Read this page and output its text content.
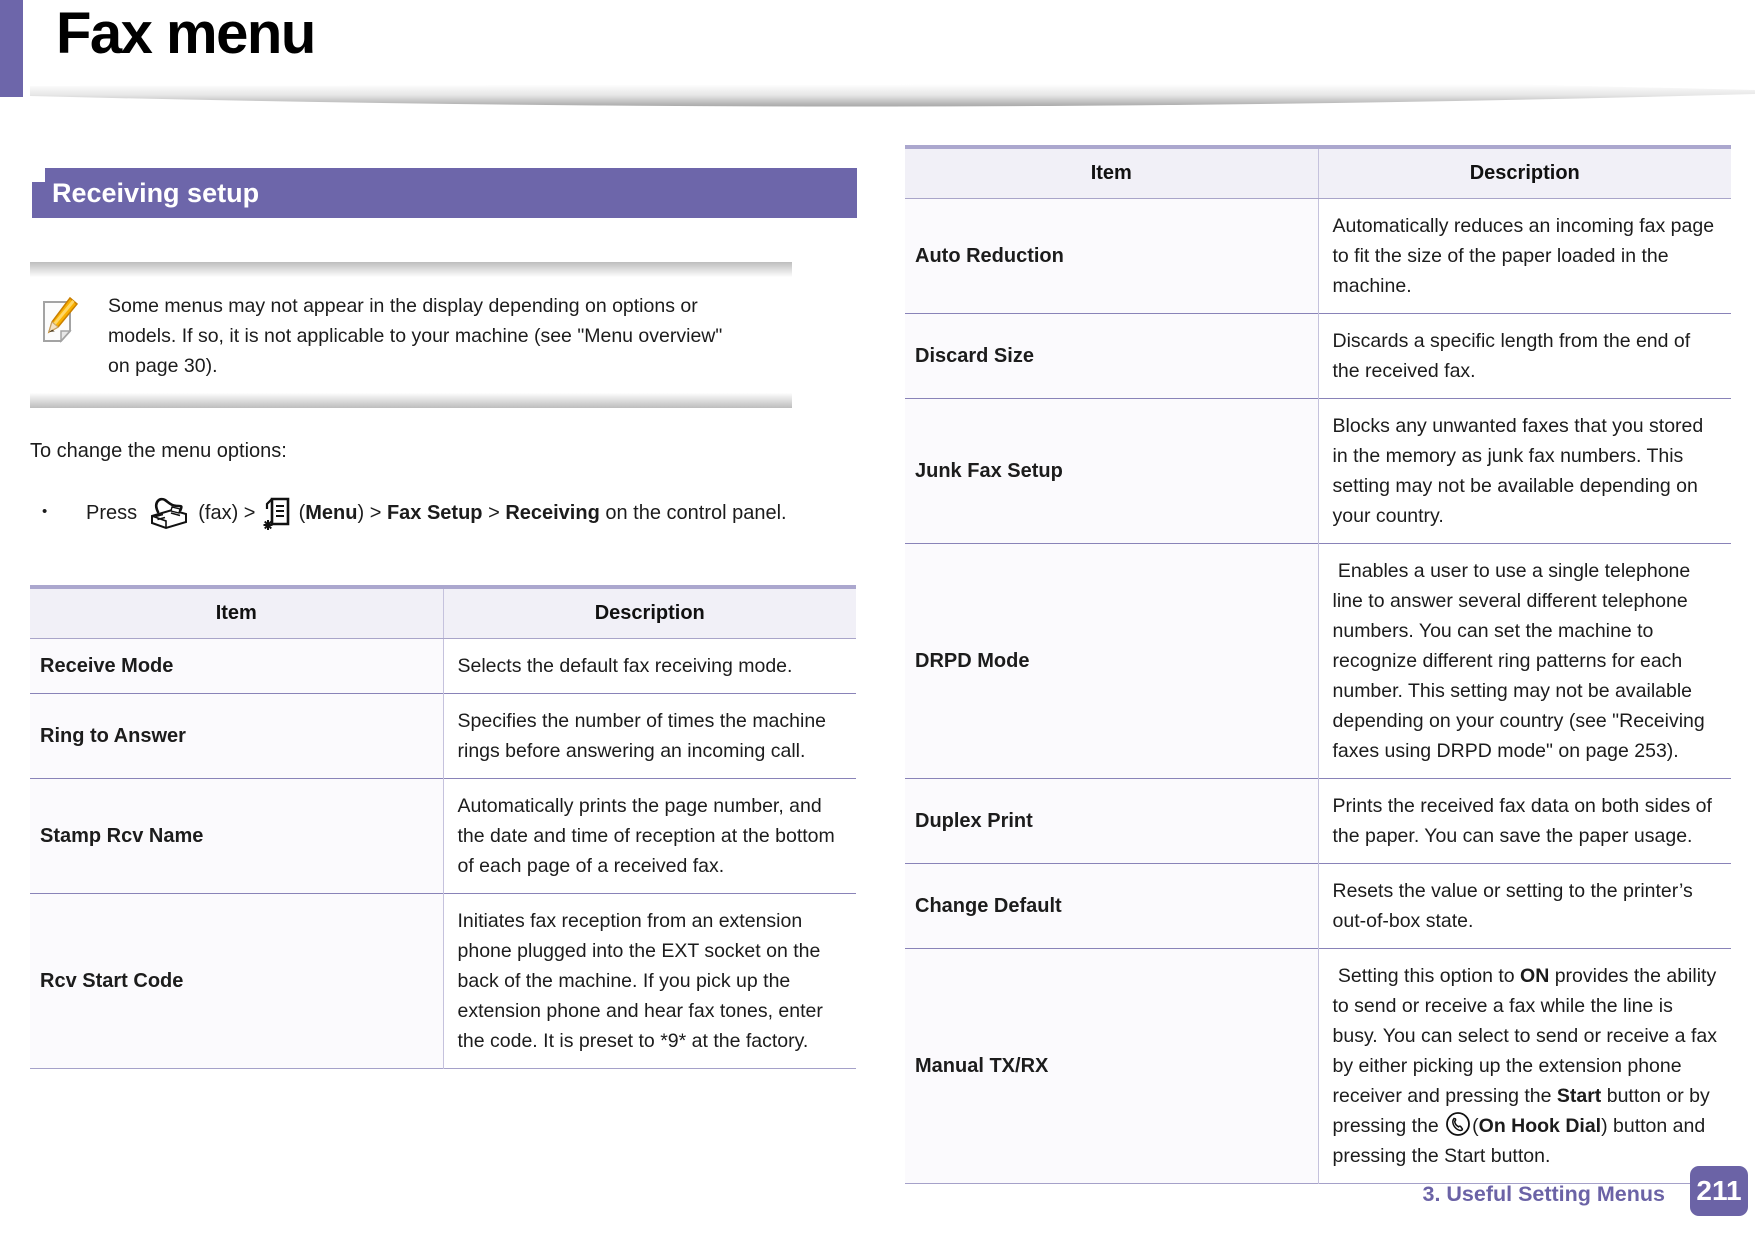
Fax menu
Receiving setup

Some menus may not appear in the display depending on options or models. If so, it is not applicable to your machine (see "Menu overview" on page 30).

To change the menu options:

• Press	(fax) >  (Menu) > Fax Setup > Receiving on the control panel.
Item	Description
Receive Mode	Selects the default fax receiving mode.
Ring to Answer	Specifies the number of times the machine rings before answering an incoming call.
Stamp Rcv Name	Automatically prints the page number, and the date and time of reception at the bottom of each page of a received fax.
Rcv Start Code	Initiates fax reception from an extension phone plugged into the EXT socket on the back of the machine. If you pick up the extension phone and hear fax tones, enter the code. It is preset to *9* at the factory.
Item	Description
Auto Reduction	Automatically reduces an incoming fax page to fit the size of the paper loaded in the machine.
Discard Size	Discards a specific length from the end of the received fax.
Junk Fax Setup	Blocks any unwanted faxes that you stored in the memory as junk fax numbers. This setting may not be available depending on your country.
DRPD Mode	Enables a user to use a single telephone line to answer several different telephone numbers. You can set the machine to recognize different ring patterns for each number. This setting may not be available depending on your country (see "Receiving faxes using DRPD mode" on page 253).
Duplex Print	Prints the received fax data on both sides of the paper. You can save the paper usage.
Change Default	Resets the value or setting to the printer’s out-of-box state.
Manual TX/RX	Setting this option to ON provides the ability to send or receive a fax while the line is busy. You can select to send or receive a fax by either picking up the extension phone receiver and pressing the Start button or by pressing the (On Hook Dial) button and pressing the Start button.
3. Useful Setting Menus 211
